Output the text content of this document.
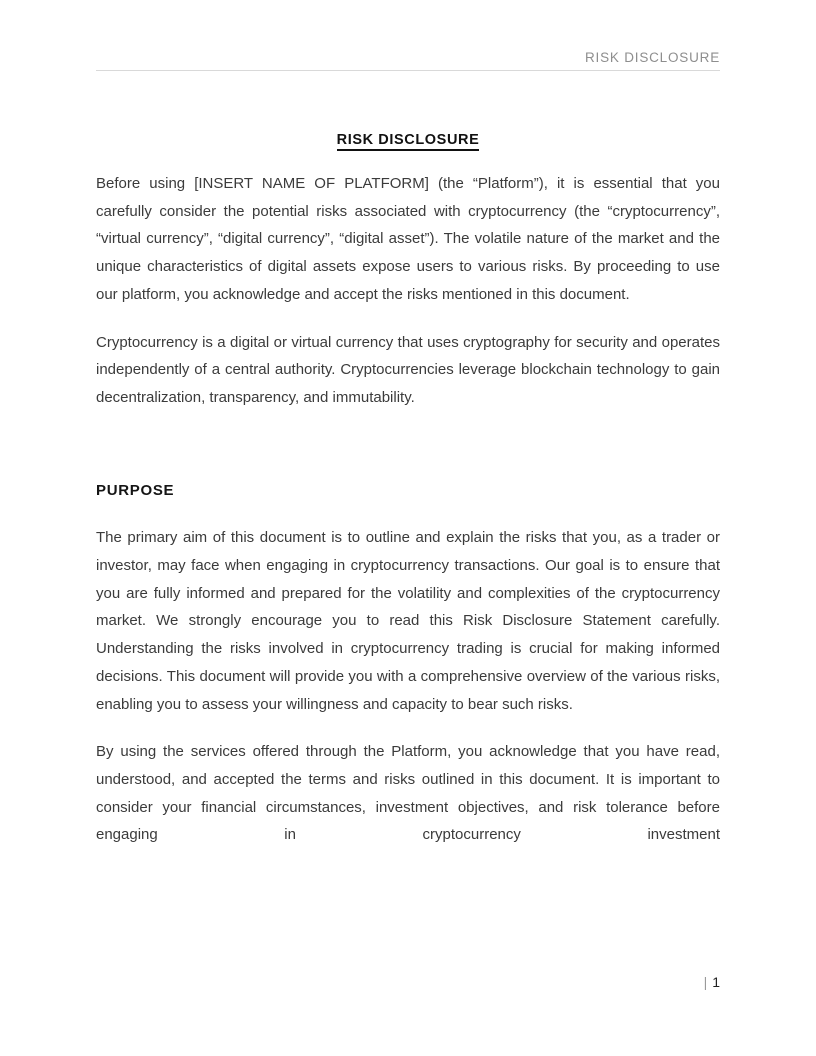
RISK DISCLOSURE
RISK DISCLOSURE

Before using [INSERT NAME OF PLATFORM] (the “Platform”), it is essential that you carefully consider the potential risks associated with cryptocurrency (the “cryptocurrency”, “virtual currency”, “digital currency”, “digital asset”). The volatile nature of the market and the unique characteristics of digital assets expose users to various risks. By proceeding to use our platform, you acknowledge and accept the risks mentioned in this document.

Cryptocurrency is a digital or virtual currency that uses cryptography for security and operates independently of a central authority. Cryptocurrencies leverage blockchain technology to gain decentralization, transparency, and immutability.

PURPOSE

The primary aim of this document is to outline and explain the risks that you, as a trader or investor, may face when engaging in cryptocurrency transactions. Our goal is to ensure that you are fully informed and prepared for the volatility and complexities of the cryptocurrency market. We strongly encourage you to read this Risk Disclosure Statement carefully. Understanding the risks involved in cryptocurrency trading is crucial for making informed decisions. This document will provide you with a comprehensive overview of the various risks, enabling you to assess your willingness and capacity to bear such risks.

By using the services offered through the Platform, you acknowledge that you have read, understood, and accepted the terms and risks outlined in this document. It is important to consider your financial circumstances, investment objectives, and risk tolerance before engaging in cryptocurrency investment

| 1
